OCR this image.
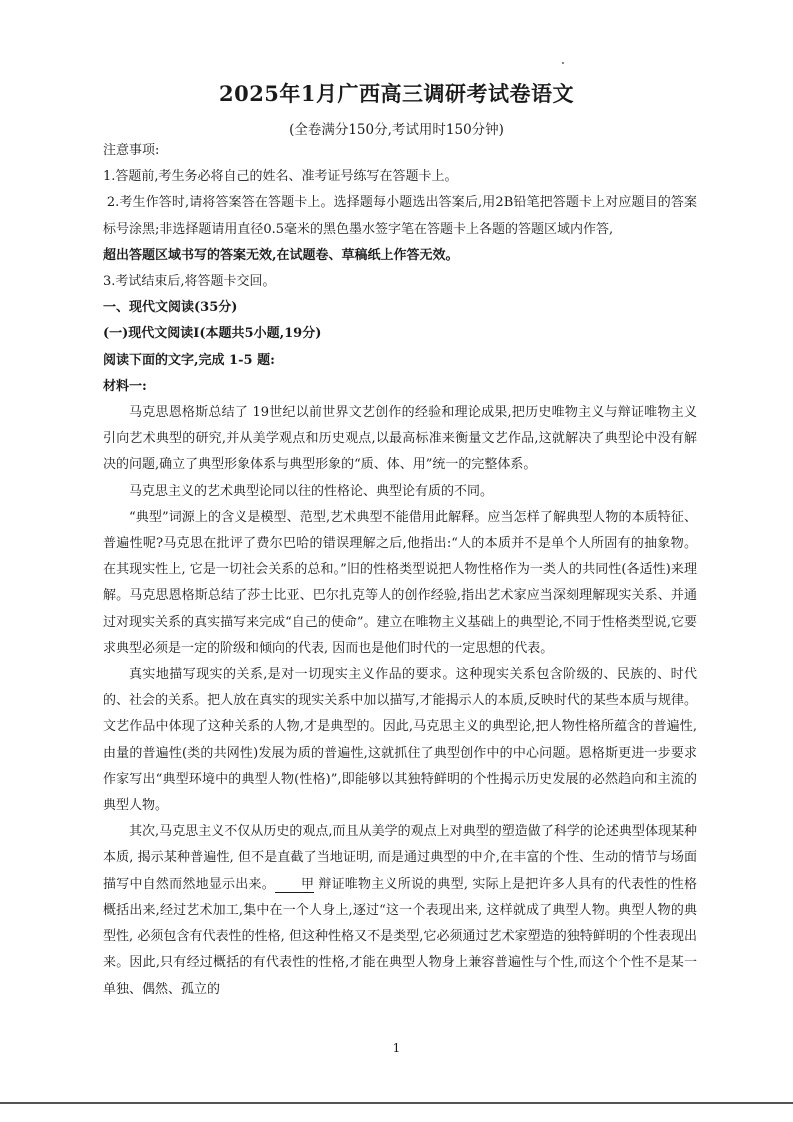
2025年1月广西高三调研考试卷语文

(全卷满分150分,考试用时150分钟)

注意事项:

1.答题前,考生务必将自己的姓名、准考证号练写在答题卡上。

2.考生作答时,请将答案答在答题卡上。选择题每小题选出答案后,用2B铅笔把答题卡上对应题目的答案标号涂黑;非选择题请用直径0.5毫米的黑色墨水签字笔在答题卡上各题的答题区域内作答,

超出答题区域书写的答案无效,在试题卷、草稿纸上作答无效。

3.考试结束后,将答题卡交回。

一、现代文阅读(35分)

(一)现代文阅读I(本题共5小题,19分)

阅读下面的文字,完成 1-5 题:

材料一:

马克思恩格斯总结了 19世纪以前世界文艺创作的经验和理论成果,把历史唯物主义与辩证唯物主义引向艺术典型的研究,并从美学观点和历史观点,以最高标准来衡量文艺作品,这就解决了典型论中没有解决的问题,确立了典型形象体系与典型形象的“质、体、用”统一的完整体系。

马克思主义的艺术典型论同以往的性格论、典型论有质的不同。

“典型”词源上的含义是模型、范型,艺术典型不能借用此解释。应当怎样了解典型人物的本质特征、普遍性呢?马克思在批评了费尔巴哈的错误理解之后,他指出:“人的本质并不是单个人所固有的抽象物。在其现实性上, 它是一切社会关系的总和。”旧的性格类型说把人物性格作为一类人的共同性(各适性)来理解。马克思恩格斯总结了莎士比亚、巴尔扎克等人的创作经验,指出艺术家应当深刻理解现实关系、并通过对现实关系的真实描写来完成“自己的使命”。建立在唯物主义基础上的典型论,不同于性格类型说,它要求典型必须是一定的阶级和倾向的代表, 因而也是他们时代的一定思想的代表。

真实地描写现实的关系,是对一切现实主义作品的要求。这种现实关系包含阶级的、民族的、时代的、社会的关系。把人放在真实的现实关系中加以描写,才能揭示人的本质,反映时代的某些本质与规律。文艺作品中体现了这种关系的人物,才是典型的。因此,马克思主义的典型论,把人物性格所蕴含的普遍性,由量的普遍性(类的共网性)发展为质的普遍性,这就抓住了典型创作中的中心问题。恩格斯更进一步要求作家写出“典型环境中的典型人物(性格)”,即能够以其独特鲜明的个性揭示历史发展的必然趋向和主流的典型人物。

其次,马克思主义不仅从历史的观点,而且从美学的观点上对典型的塑造做了科学的论述典型体现某种本质, 揭示某种普遍性, 但不是直截了当地证明, 而是通过典型的中介,在丰富的个性、生动的情节与场面描写中自然而然地显示出来。 甲 辩证唯物主义所说的典型, 实际上是把许多人具有的代表性的性格概括出来,经过艺术加工,集中在一个人身上,逐过“这一个表现出来, 这样就成了典型人物。典型人物的典型性, 必须包含有代表性的性格, 但这种性格又不是类型,它必须通过艺术家塑造的独特鲜明的个性表现出来。因此,只有经过概括的有代表性的性格,才能在典型人物身上兼容普遍性与个性,而这个个性不是某一单独、偶然、孤立的

1
